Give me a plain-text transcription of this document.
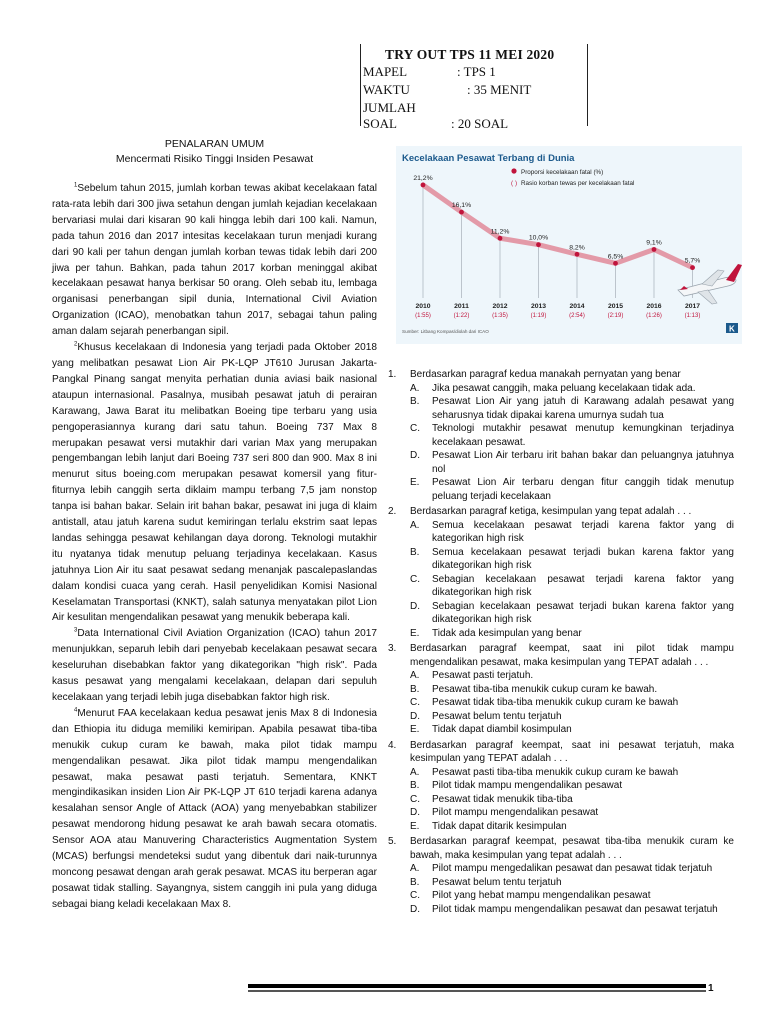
TRY OUT TPS 11 MEI 2020
MAPEL	: TPS 1
WAKTU	: 35 MENIT
JUMLAH SOAL	: 20 SOAL

PENALARAN UMUM

Mencermati Risiko Tinggi Insiden Pesawat

$^1$Sebelum tahun 2015, jumlah korban tewas akibat kecelakaan fatal rata-rata lebih dari 300 jiwa setahun dengan jumlah kejadian kecelakaan bervariasi mulai dari kisaran 90 kali hingga lebih dari 100 kali. Namun, pada tahun 2016 dan 2017 intesitas kecelakaan turun menjadi kurang dari 90 kali per tahun dengan jumlah korban tewas tidak lebih dari 200 jiwa per tahun. Bahkan, pada tahun 2017 korban meninggal akibat kecelakaan pesawat hanya berkisar 50 orang. Oleh sebab itu, lembaga organisasi penerbangan sipil dunia, International Civil Aviation Organization (ICAO), menobatkan tahun 2017, sebagai tahun paling aman dalam sejarah penerbangan sipil.

$^2$Khusus kecelakaan di Indonesia yang terjadi pada Oktober 2018 yang melibatkan pesawat Lion Air PK-LQP JT610 Jurusan Jakarta-Pangkal Pinang sangat menyita perhatian dunia aviasi baik nasional ataupun internasional. Pasalnya, musibah pesawat jatuh di perairan Karawang, Jawa Barat itu melibatkan Boeing tipe terbaru yang usia pengoperasiannya kurang dari satu tahun. Boeing 737 Max 8 merupakan pesawat versi mutakhir dari varian Max yang merupakan pengembangan lebih lanjut dari Boeing 737 seri 800 dan 900. Max 8 ini menurut situs boeing.com merupakan pesawat komersil yang fitur-fiturnya lebih canggih serta diklaim mampu terbang 7,5 jam nonstop tanpa isi bahan bakar. Selain irit bahan bakar, pesawat ini juga di klaim antistall, atau jatuh karena sudut kemiringan terlalu ekstrim saat lepas landas sehingga pesawat kehilangan daya dorong. Teknologi mutakhir itu nyatanya tidak menutup peluang terjadinya kecelakaan. Kasus jatuhnya Lion Air itu saat pesawat sedang menanjak pascalepaslandas dalam kondisi cuaca yang cerah. Hasil penyelidikan Komisi Nasional Keselamatan Transportasi (KNKT), salah satunya menyatakan pilot Lion Air kesulitan mengendalikan pesawat yang menukik beberapa kali.

$^3$Data International Civil Aviation Organization (ICAO) tahun 2017 menunjukkan, separuh lebih dari penyebab kecelakaan pesawat secara keseluruhan disebabkan faktor yang dikategorikan "high risk". Pada kasus pesawat yang mengalami kecelakaan, delapan dari sepuluh kecelakaan yang terjadi lebih juga disebabkan faktor high risk.

$^4$Menurut FAA kecelakaan kedua pesawat jenis Max 8 di Indonesia dan Ethiopia itu diduga memiliki kemiripan. Apabila pesawat tiba-tiba menukik cukup curam ke bawah, maka pilot tidak mampu mengendalikan pesawat. Jika pilot tidak mampu mengendalikan pesawat, maka pesawat pasti terjatuh. Sementara, KNKT mengindikasikan insiden Lion Air PK-LQP JT 610 terjadi karena adanya kesalahan sensor Angle of Attack (AOA) yang menyebabkan stabilizer pesawat mendorong hidung pesawat ke arah bawah secara otomatis. Sensor AOA atau Manuvering Characteristics Augmentation System (MCAS) berfungsi mendeteksi sudut yang dibentuk dari naik-turunnya moncong pesawat dengan arah gerak pesawat. MCAS itu berperan agar posawat tidak stalling. Sayangnya, sistem canggih ini pula yang diduga sebagai biang keladi kecelakaan Max 8.

Kecelakaan Pesawat Terbang di Dunia
Proporsi kecelakaan fatal (%)
( ) Rasio korban tewas per kecelakaan fatal
21,2%
2010
(1:55)
16,1%
2011
(1:22)
11,2%
2012
(1:35)
10,0%
2013
(1:19)
8,2%
2014
(2:54)
6,5%
2015
(2:19)
9,1%
2016
(1:26)
5,7%
2017
(1:13)
Sumber: Litbang Kompas/diolah dari ICAO	K
1. Berdasarkan paragraf kedua manakah pernyatan yang benar
A. Jika pesawat canggih, maka peluang kecelakaan tidak ada.
B. Pesawat Lion Air yang jatuh di Karawang adalah pesawat yang seharusnya tidak dipakai karena umurnya sudah tua
C. Teknologi mutakhir pesawat menutup kemungkinan terjadinya kecelakaan pesawat.
D. Pesawat Lion Air terbaru irit bahan bakar dan peluangnya jatuhnya nol
E. Pesawat Lion Air terbaru dengan fitur canggih tidak menutup peluang terjadi kecelakaan
2. Berdasarkan paragraf ketiga, kesimpulan yang tepat adalah . . .
A. Semua kecelakaan pesawat terjadi karena faktor yang di kategorikan high risk
B. Semua kecelakaan pesawat terjadi bukan karena faktor yang dikategorikan high risk
C. Sebagian kecelakaan pesawat terjadi karena faktor yang dikategorikan high risk
D. Sebagian kecelakaan pesawat terjadi bukan karena faktor yang dikategorikan high risk
E. Tidak ada kesimpulan yang benar
3. Berdasarkan paragraf keempat, saat ini pilot tidak mampu mengendalikan pesawat, maka kesimpulan yang TEPAT adalah . . .
A. Pesawat pasti terjatuh.
B. Pesawat tiba-tiba menukik cukup curam ke bawah.
C. Pesawat tidak tiba-tiba menukik cukup curam ke bawah
D. Pesawat belum tentu terjatuh
E. Tidak dapat diambil kosimpulan
4. Berdasarkan paragraf keempat, saat ini pesawat terjatuh, maka kesimpulan yang TEPAT adalah . . .
A. Pesawat pasti tiba-tiba menukik cukup curam ke bawah
B. Pilot tidak mampu mengendalikan pesawat
C. Pesawat tidak menukik tiba-tiba
D. Pilot mampu mengendalikan pesawat
E. Tidak dapat ditarik kesimpulan
5. Berdasarkan paragraf keempat, pesawat tiba-tiba menukik curam ke bawah, maka kesimpulan yang tepat adalah . . .
A. Pilot mampu mengedalikan pesawat dan pesawat tidak terjatuh
B. Pesawat belum tentu terjatuh
C. Pilot yang hebat mampu mengendalikan pesawat
D. Pilot tidak mampu mengendalikan pesawat dan pesawat terjatuh
1
